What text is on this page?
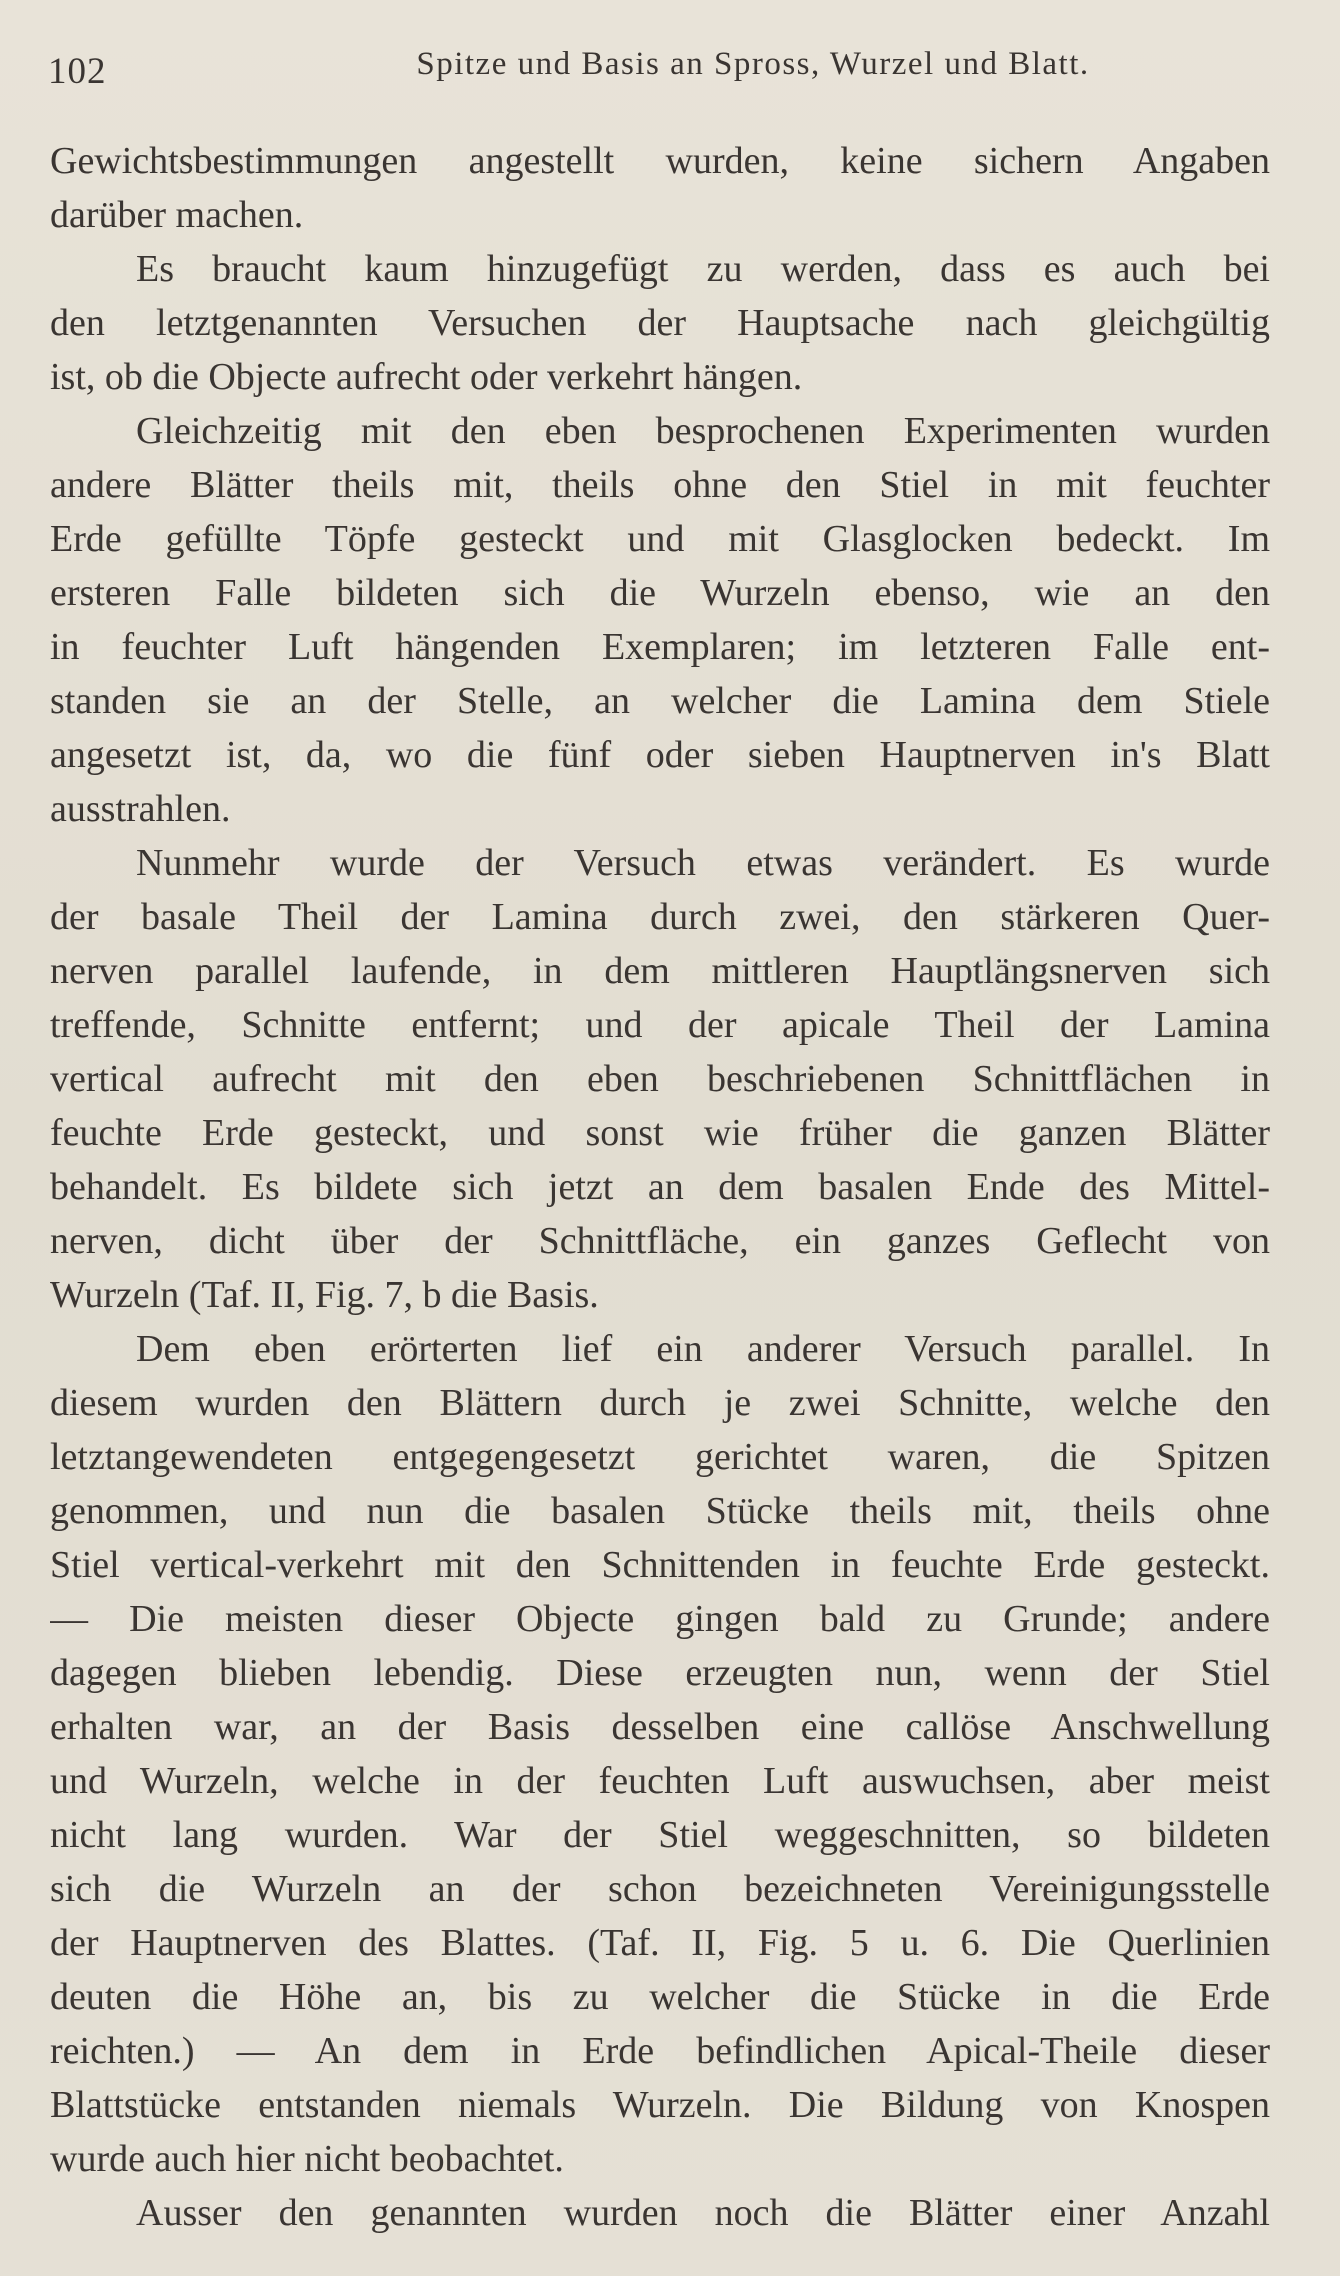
102	Spitze und Basis an Spross, Wurzel und Blatt.
Gewichtsbestimmungen angestellt wurden, keine sichern Angaben
darüber machen.
Es braucht kaum hinzugefügt zu werden, dass es auch bei
den letztgenannten Versuchen der Hauptsache nach gleichgültig
ist, ob die Objecte aufrecht oder verkehrt hängen.
Gleichzeitig mit den eben besprochenen Experimenten wurden
andere Blätter theils mit, theils ohne den Stiel in mit feuchter
Erde gefüllte Töpfe gesteckt und mit Glasglocken bedeckt. Im
ersteren Falle bildeten sich die Wurzeln ebenso, wie an den
in feuchter Luft hängenden Exemplaren; im letzteren Falle ent-
standen sie an der Stelle, an welcher die Lamina dem Stiele
angesetzt ist, da, wo die fünf oder sieben Hauptnerven in's Blatt
ausstrahlen.
Nunmehr wurde der Versuch etwas verändert. Es wurde
der basale Theil der Lamina durch zwei, den stärkeren Quer-
nerven parallel laufende, in dem mittleren Hauptlängsnerven sich
treffende, Schnitte entfernt; und der apicale Theil der Lamina
vertical aufrecht mit den eben beschriebenen Schnittflächen in
feuchte Erde gesteckt, und sonst wie früher die ganzen Blätter
behandelt. Es bildete sich jetzt an dem basalen Ende des Mittel-
nerven, dicht über der Schnittfläche, ein ganzes Geflecht von
Wurzeln (Taf. II, Fig. 7, b die Basis.
Dem eben erörterten lief ein anderer Versuch parallel. In
diesem wurden den Blättern durch je zwei Schnitte, welche den
letztangewendeten entgegengesetzt gerichtet waren, die Spitzen
genommen, und nun die basalen Stücke theils mit, theils ohne
Stiel vertical-verkehrt mit den Schnittenden in feuchte Erde gesteckt.
— Die meisten dieser Objecte gingen bald zu Grunde; andere
dagegen blieben lebendig. Diese erzeugten nun, wenn der Stiel
erhalten war, an der Basis desselben eine callöse Anschwellung
und Wurzeln, welche in der feuchten Luft auswuchsen, aber meist
nicht lang wurden. War der Stiel weggeschnitten, so bildeten
sich die Wurzeln an der schon bezeichneten Vereinigungsstelle
der Hauptnerven des Blattes. (Taf. II, Fig. 5 u. 6. Die Querlinien
deuten die Höhe an, bis zu welcher die Stücke in die Erde
reichten.) — An dem in Erde befindlichen Apical-Theile dieser
Blattstücke entstanden niemals Wurzeln. Die Bildung von Knospen
wurde auch hier nicht beobachtet.
Ausser den genannten wurden noch die Blätter einer Anzahl
